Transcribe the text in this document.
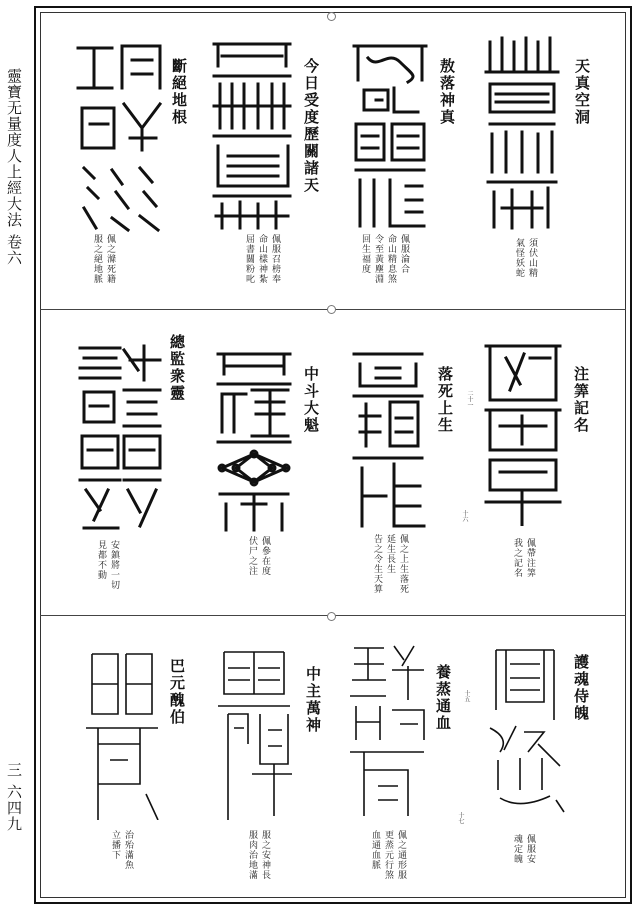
靈寶无量度人上經大法 卷六
三 六四九
天真空洞
須伏山精
氣怪妖蛇
敖落神真
佩服淪合
命山精息煞
令至黃塵淵
回生福度
今日受度歷關諸天
佩服召榜奉
命山樣神紮
屈書關粉叱
斷絕地根
佩之滌死籍
服之絕地脈
注筭記名
十六
佩帶注筭
我之記名
落死上生 二十一
佩之上生落死
延生長生
告之令生天算
中斗大魁
佩參在度
伏尸之注
總監衆靈
安鎮將一切
見都不動
護魂侍魄
十七
佩服安
魂定魄
養蒸通血 十五
佩之通形服
更蒸元行煞
血通血脈
中主萬神
服之安神長
服肉治地滿
巴元醜伯
治殆滿魚
立播下
